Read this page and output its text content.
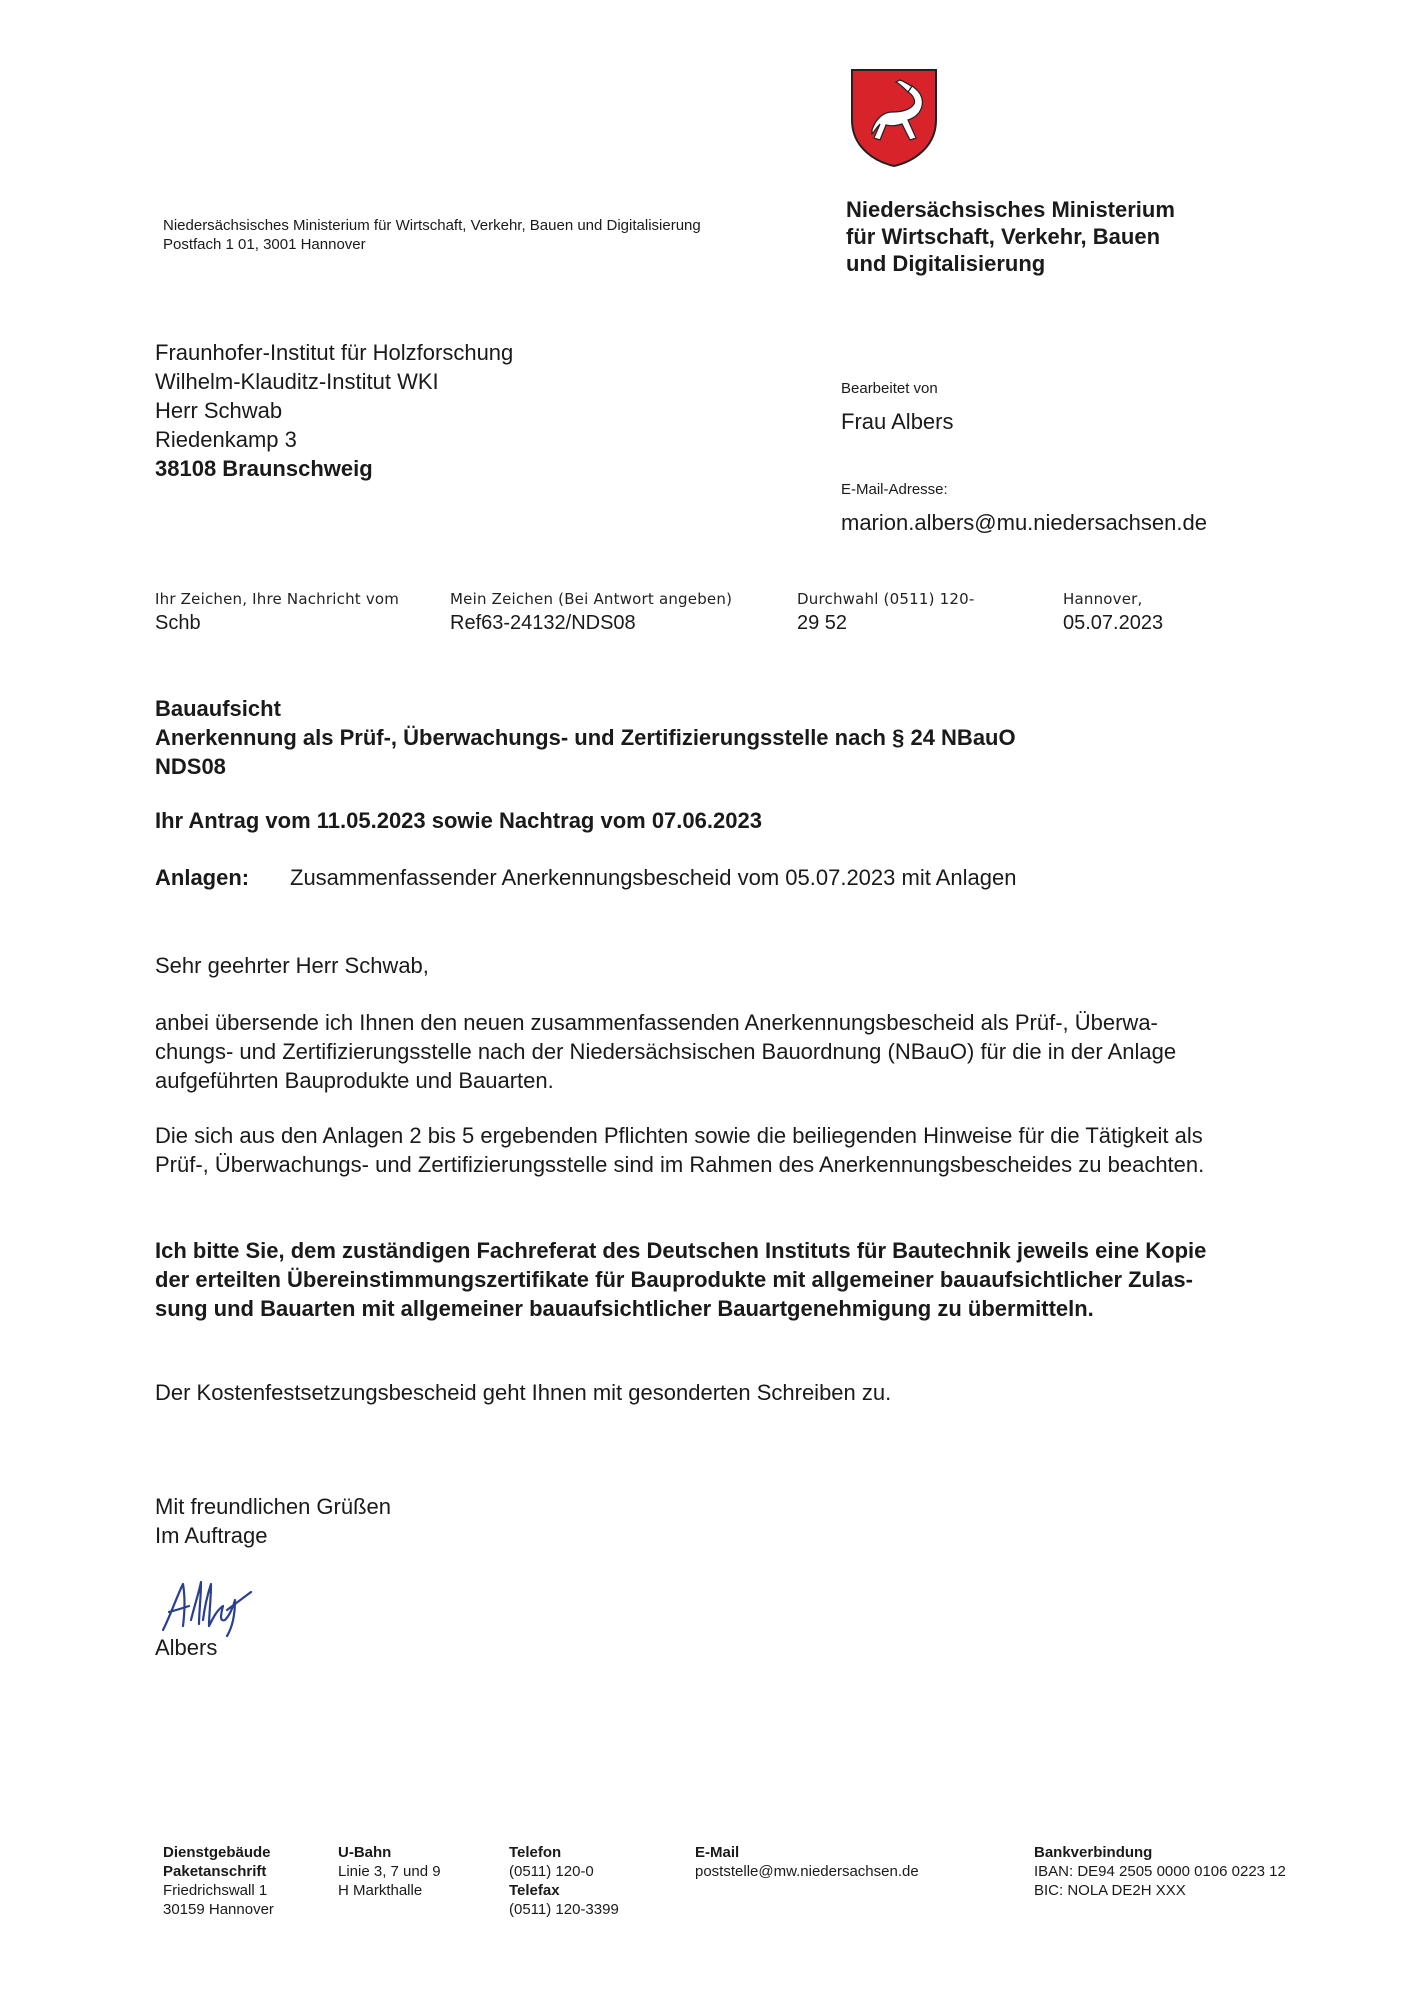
Niedersächsisches Ministerium für Wirtschaft, Verkehr, Bauen und Digitalisierung
Postfach 1 01, 3001 Hannover
Niedersächsisches Ministerium
für Wirtschaft, Verkehr, Bauen
und Digitalisierung
Fraunhofer-Institut für Holzforschung
Wilhelm-Klauditz-Institut WKI
Herr Schwab
Riedenkamp 3
38108 Braunschweig
Bearbeitet von
Frau Albers
E-Mail-Adresse:
marion.albers@mu.niedersachsen.de
Ihr Zeichen, Ihre Nachricht vom
Schb
Mein Zeichen (Bei Antwort angeben)
Ref63-24132/NDS08
Durchwahl (0511) 120-
29 52
Hannover,
05.07.2023
Bauaufsicht
Anerkennung als Prüf-, Überwachungs- und Zertifizierungsstelle nach § 24 NBauO
NDS08
Ihr Antrag vom 11.05.2023 sowie Nachtrag vom 07.06.2023
Anlagen: Zusammenfassender Anerkennungsbescheid vom 05.07.2023 mit Anlagen
Sehr geehrter Herr Schwab,
anbei übersende ich Ihnen den neuen zusammenfassenden Anerkennungsbescheid als Prüf-, Überwa-
chungs- und Zertifizierungsstelle nach der Niedersächsischen Bauordnung (NBauO) für die in der Anlage
aufgeführten Bauprodukte und Bauarten.
Die sich aus den Anlagen 2 bis 5 ergebenden Pflichten sowie die beiliegenden Hinweise für die Tätigkeit als
Prüf-, Überwachungs- und Zertifizierungsstelle sind im Rahmen des Anerkennungsbescheides zu beachten.
Ich bitte Sie, dem zuständigen Fachreferat des Deutschen Instituts für Bautechnik jeweils eine Kopie
der erteilten Übereinstimmungszertifikate für Bauprodukte mit allgemeiner bauaufsichtlicher Zulas-
sung und Bauarten mit allgemeiner bauaufsichtlicher Bauartgenehmigung zu übermitteln.
Der Kostenfestsetzungsbescheid geht Ihnen mit gesonderten Schreiben zu.
Mit freundlichen Grüßen
Im Auftrage
Albers
Dienstgebäude
Paketanschrift
Friedrichswall 1
30159 Hannover
U-Bahn
Linie 3, 7 und 9
H Markthalle
Telefon
(0511) 120-0
Telefax
(0511) 120-3399
E-Mail
poststelle@mw.niedersachsen.de
Bankverbindung
IBAN: DE94 2505 0000 0106 0223 12
BIC: NOLA DE2H XXX
